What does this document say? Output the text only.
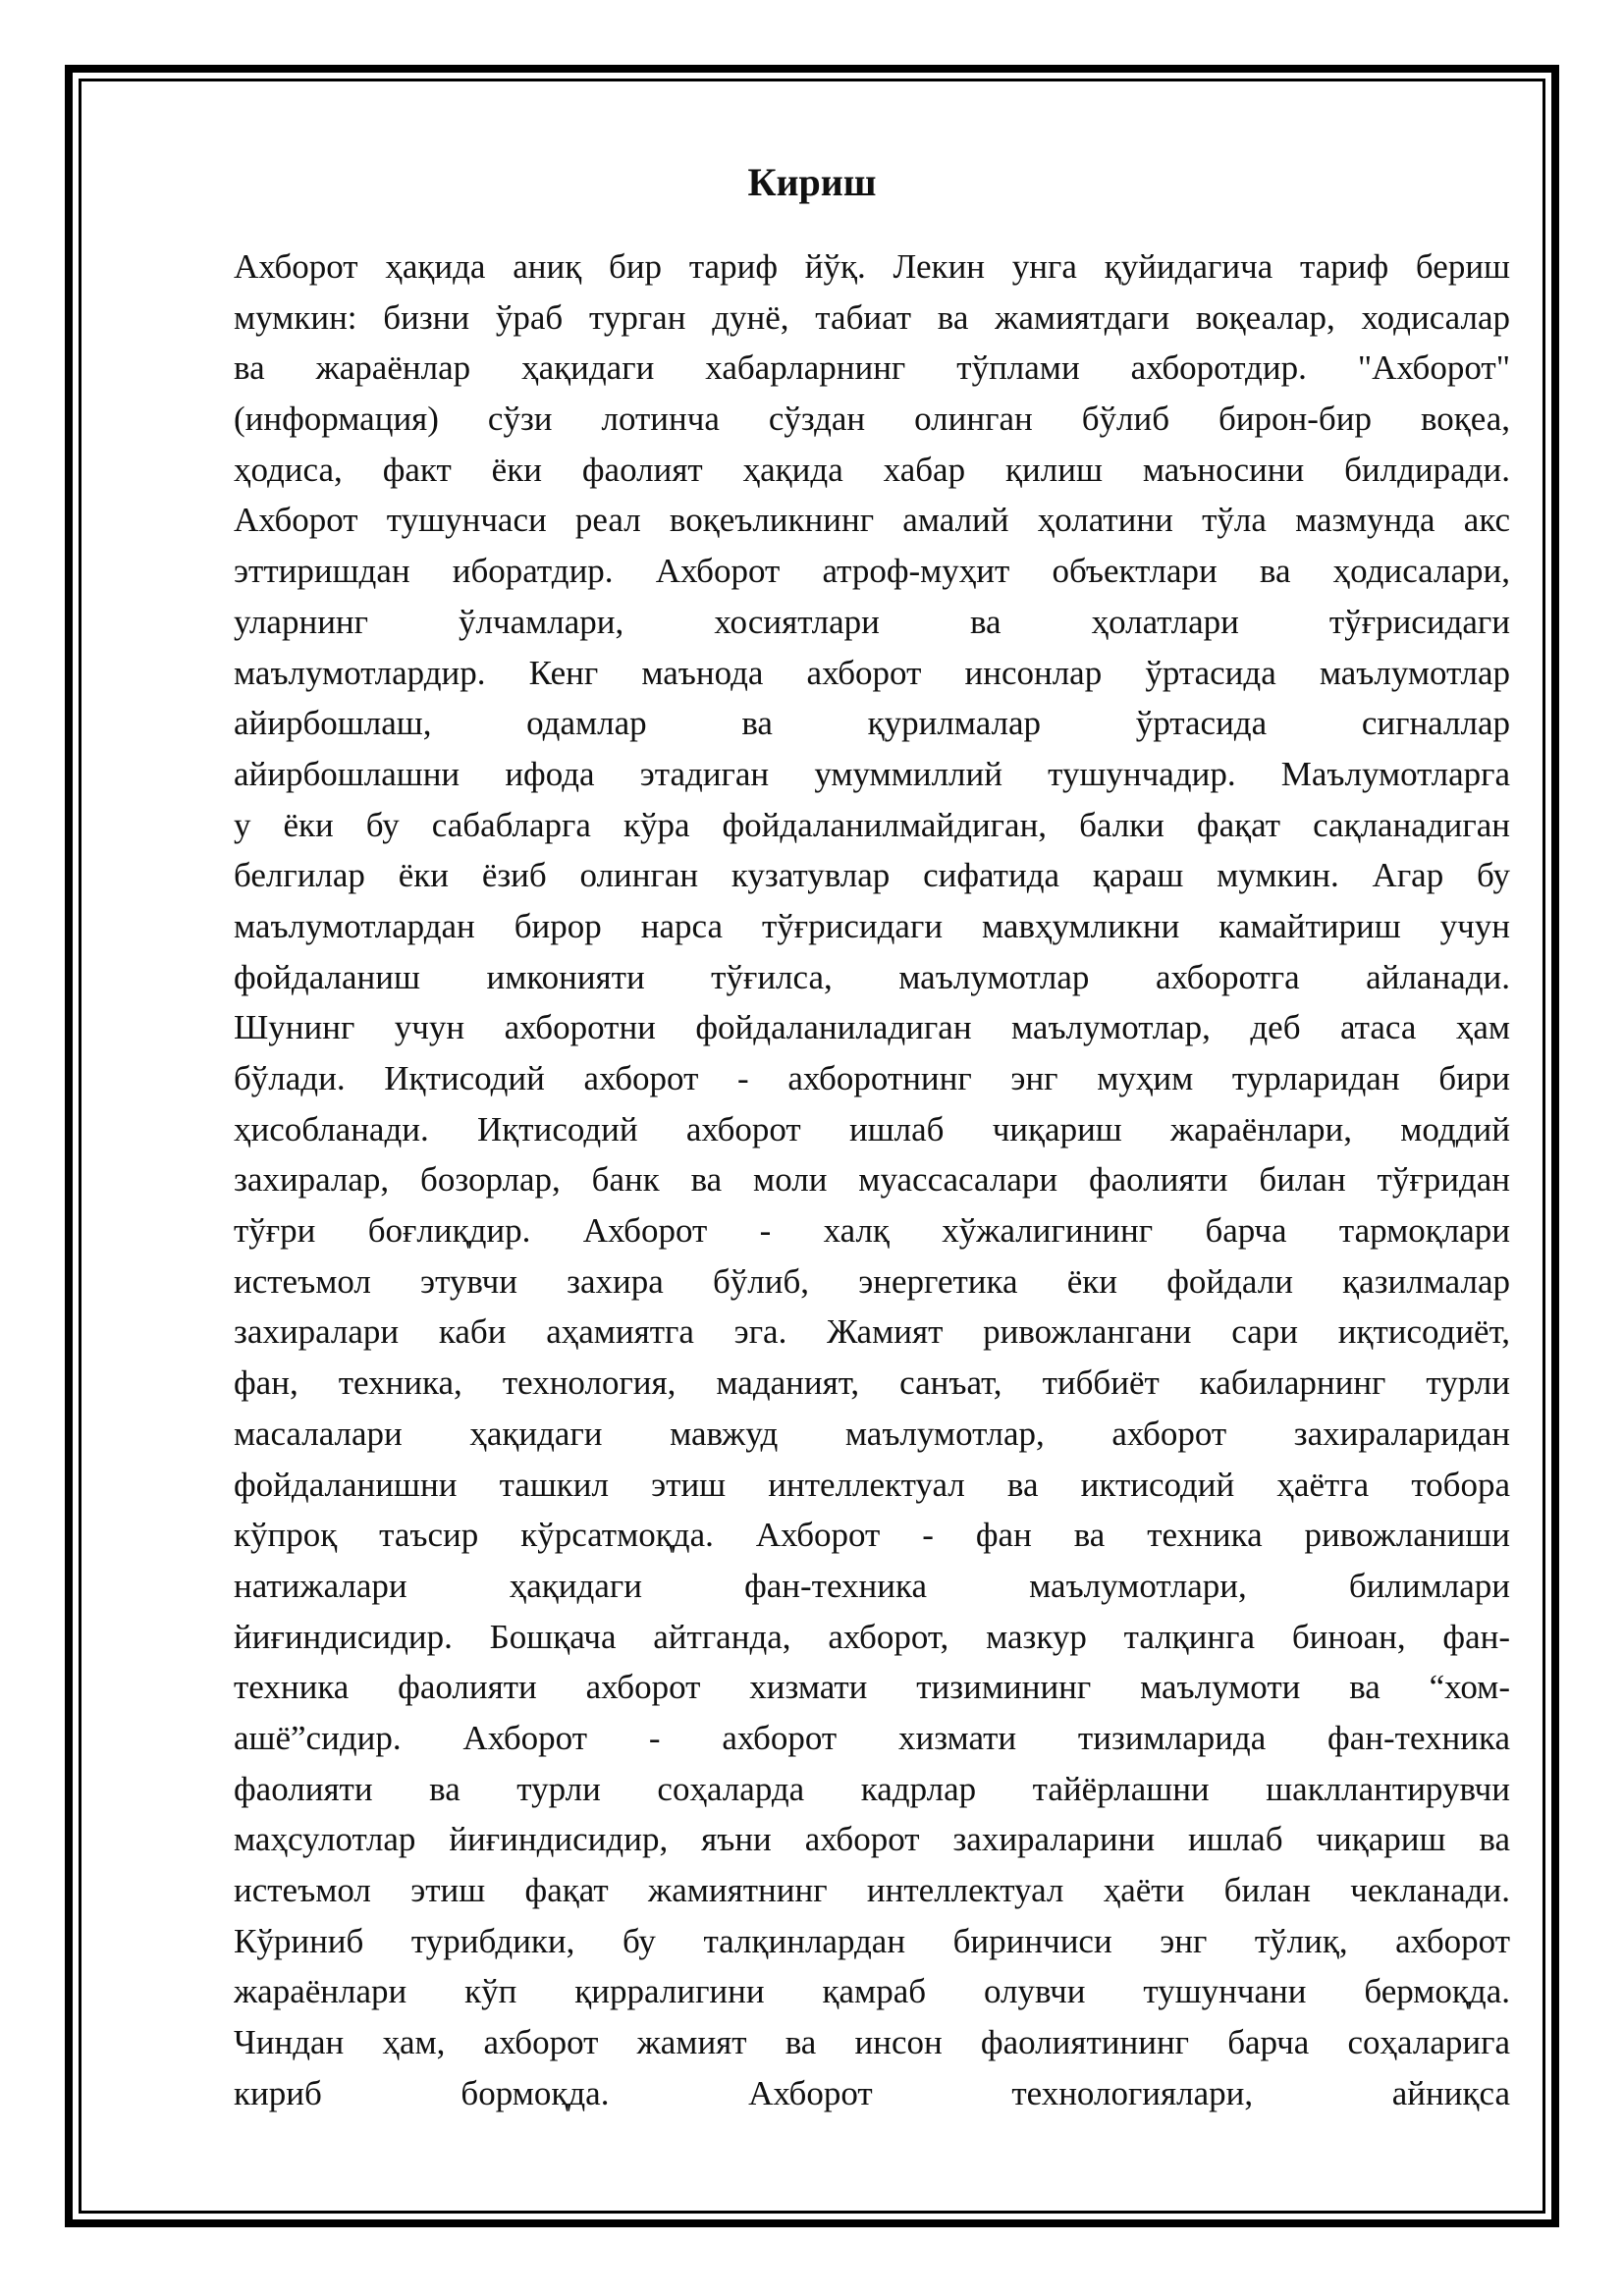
Кириш
Ахборот ҳақида аниқ бир тариф йўқ. Лекин унга қуйидагича тариф бериш
мумкин: бизни ўраб турган дунё, табиат ва жамиятдаги воқеалар, ходисалар
ва жараёнлар ҳақидаги хабарларнинг тўплами ахборотдир. "Ахборот"
(информация) сўзи лотинча сўздан олинган бўлиб бирон-бир воқеа,
ҳодиса, факт ёки фаолият ҳақида хабар қилиш маъносини билдиради.
Ахборот тушунчаси реал воқеъликнинг амалий ҳолатини тўла мазмунда акс
эттиришдан иборатдир. Ахборот атроф-муҳит объектлари ва ҳодисалари,
уларнинг ўлчамлари, хосиятлари ва ҳолатлари тўғрисидаги
маълумотлардир. Кенг маънода ахборот инсонлар ўртасида маълумотлар
айирбошлаш, одамлар ва қурилмалар ўртасида сигналлар
айирбошлашни ифода этадиган умуммиллий тушунчадир. Маълумотларга
у ёки бу сабабларга кўра фойдаланилмайдиган, балки фақат сақланадиган
белгилар ёки ёзиб олинган кузатувлар сифатида қараш мумкин. Агар бу
маълумотлардан бирор нарса тўғрисидаги мавҳумликни камайтириш учун
фойдаланиш имконияти тўғилса, маълумотлар ахборотга айланади.
Шунинг учун ахборотни фойдаланиладиган маълумотлар, деб атаса ҳам
бўлади. Иқтисодий ахборот - ахборотнинг энг муҳим турларидан бири
ҳисобланади. Иқтисодий ахборот ишлаб чиқариш жараёнлари, моддий
захиралар, бозорлар, банк ва моли муассасалари фаолияти билан тўғридан
тўғри боғлиқдир. Ахборот - халқ хўжалигининг барча тармоқлари
истеъмол этувчи захира бўлиб, энергетика ёки фойдали қазилмалар
захиралари каби аҳамиятга эга. Жамият ривожлангани сари иқтисодиёт,
фан, техника, технология, маданият, санъат, тиббиёт кабиларнинг турли
масалалари ҳақидаги мавжуд маълумотлар, ахборот захираларидан
фойдаланишни ташкил этиш интеллектуал ва иктисодий ҳаётга тобора
кўпроқ таъсир кўрсатмоқда. Ахборот - фан ва техника ривожланиши
натижалари ҳақидаги фан-техника маълумотлари, билимлари
йиғиндисидир. Бошқача айтганда, ахборот, мазкур талқинга биноан, фан-
техника фаолияти ахборот хизмати тизимининг маълумоти ва “хом-
ашё”сидир. Ахборот - ахборот хизмати тизимларида фан-техника
фаолияти ва турли соҳаларда кадрлар тайёрлашни шакллантирувчи
маҳсулотлар йиғиндисидир, яъни ахборот захираларини ишлаб чиқариш ва
истеъмол этиш фақат жамиятнинг интеллектуал ҳаёти билан чекланади.
Кўриниб турибдики, бу талқинлардан биринчиси энг тўлиқ, ахборот
жараёнлари кўп қирралигини қамраб олувчи тушунчани бермоқда.
Чиндан ҳам, ахборот жамият ва инсон фаолиятининг барча соҳаларига
кириб бормоқда. Ахборот технологиялари, айниқса
